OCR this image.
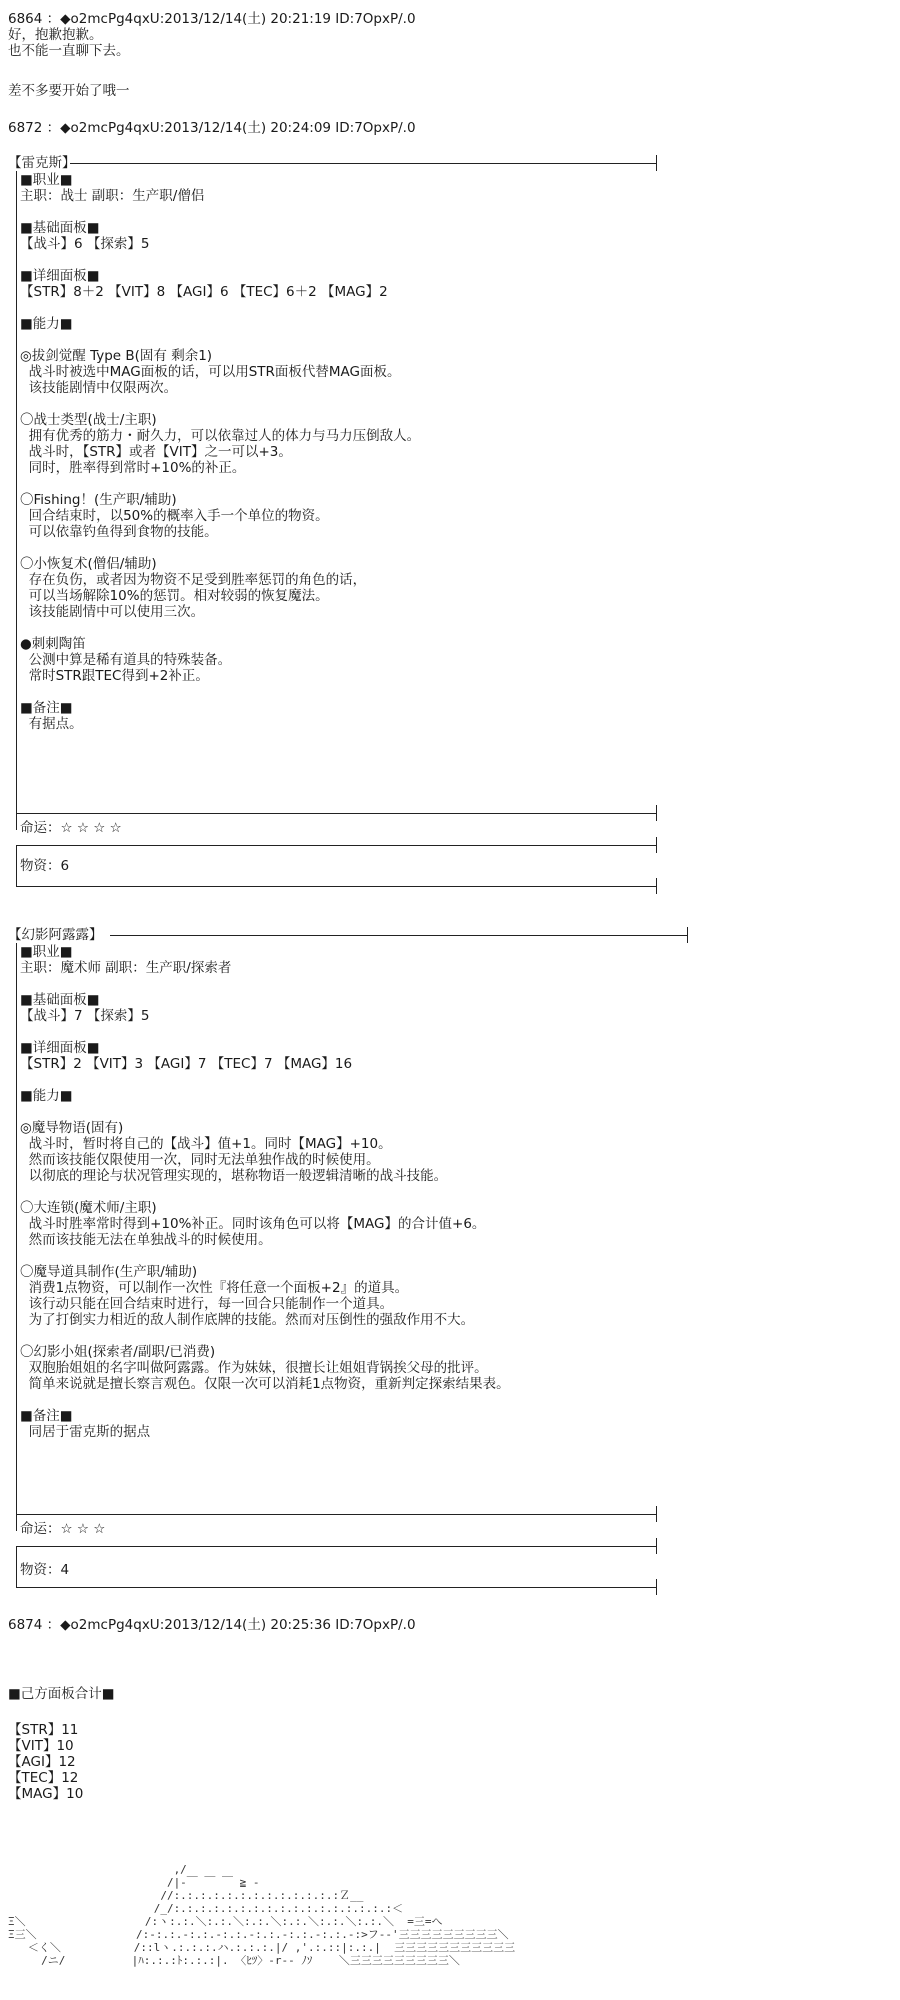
6864 ：◆o2mcPg4qxU:2013/12/14(土) 20:21:19 ID:7OpxP/.0
好，抱歉抱歉。
也不能一直聊下去。
差不多要开始了哦一
6872 ：◆o2mcPg4qxU:2013/12/14(土) 20:24:09 ID:7OpxP/.0
【雷克斯】
■职业■
主职：战士 副职：生产职/僧侣
■基础面板■
【战斗】6 【探索】5
■详细面板■
【STR】8＋2 【VIT】8 【AGI】6 【TEC】6＋2 【MAG】2
■能力■
◎拔剑觉醒 Type B(固有 剩余1)
战斗时被选中MAG面板的话，可以用STR面板代替MAG面板。
该技能剧情中仅限两次。
〇战士类型(战士/主职)
拥有优秀的筋力・耐久力，可以依靠过人的体力与马力压倒敌人。
战斗时，【STR】或者【VIT】之一可以+3。
同时，胜率得到常时+10%的补正。
〇Fishing！(生产职/辅助)
回合结束时，以50%的概率入手一个单位的物资。
可以依靠钓鱼得到食物的技能。
〇小恢复术(僧侣/辅助)
存在负伤，或者因为物资不足受到胜率惩罚的角色的话，
可以当场解除10%的惩罚。相对较弱的恢复魔法。
该技能剧情中可以使用三次。
●刺刺陶笛
公测中算是稀有道具的特殊装备。
常时STR跟TEC得到+2补正。
■备注■
有据点。
命运：☆ ☆ ☆ ☆
物资：6
【幻影阿露露】
■职业■
主职：魔术师 副职：生产职/探索者
■基础面板■
【战斗】7 【探索】5
■详细面板■
【STR】2 【VIT】3 【AGI】7 【TEC】7 【MAG】16
■能力■
◎魔导物语(固有)
战斗时，暂时将自己的【战斗】值+1。同时【MAG】+10。
然而该技能仅限使用一次，同时无法单独作战的时候使用。
以彻底的理论与状况管理实现的，堪称物语一般逻辑清晰的战斗技能。
〇大连锁(魔术师/主职)
战斗时胜率常时得到+10%补正。同时该角色可以将【MAG】的合计值+6。
然而该技能无法在单独战斗的时候使用。
〇魔导道具制作(生产职/辅助)
消费1点物资，可以制作一次性『将任意一个面板+2』的道具。
该行动只能在回合结束时进行，每一回合只能制作一个道具。
为了打倒实力相近的敌人制作底牌的技能。然而对压倒性的强敌作用不大。
〇幻影小姐(探索者/副职/已消费)
双胞胎姐姐的名字叫做阿露露。作为妹妹，很擅长让姐姐背锅挨父母的批评。
简单来说就是擅长察言观色。仅限一次可以消耗1点物资，重新判定探索结果表。
■备注■
同居于雷克斯的据点
命运：☆ ☆ ☆
物资：4
6874 ：◆o2mcPg4qxU:2013/12/14(土) 20:25:36 ID:7OpxP/.0
■己方面板合计■
【STR】11
【VIT】10
【AGI】12
【TEC】12
【MAG】10
,/
/|-￣ ￣ ￣ ≧ -
//:.:.:.:.:.:.:.:.:.:.:.:.:Ｚ__
/_/:.:.:.:.:.:.:.:.:.:.:.:.:.:.:.:.:＜
Ξ＼                  /:ヽ:.:.＼:.:.＼:.:.＼:.:.＼:.:.＼:.:.＼  =三=へ
Ξ三＼               /:-:.:.-:.:.-:.:.-:.:.-:.:.-:.:.-:>フ-‐'三三三三三三三三三＼
＜く＼           /::lヽ.:.:.:.ハ.:.:.:.|/ ,'.:.::|:.:.|  三三三三三三三三三三三
/ニ/          |ﾊ:.:.:ﾄ:.:.:|. 〈ﾋﾂ〉-r-‐ ﾉｿ    ＼三三三三三三三三三＼
